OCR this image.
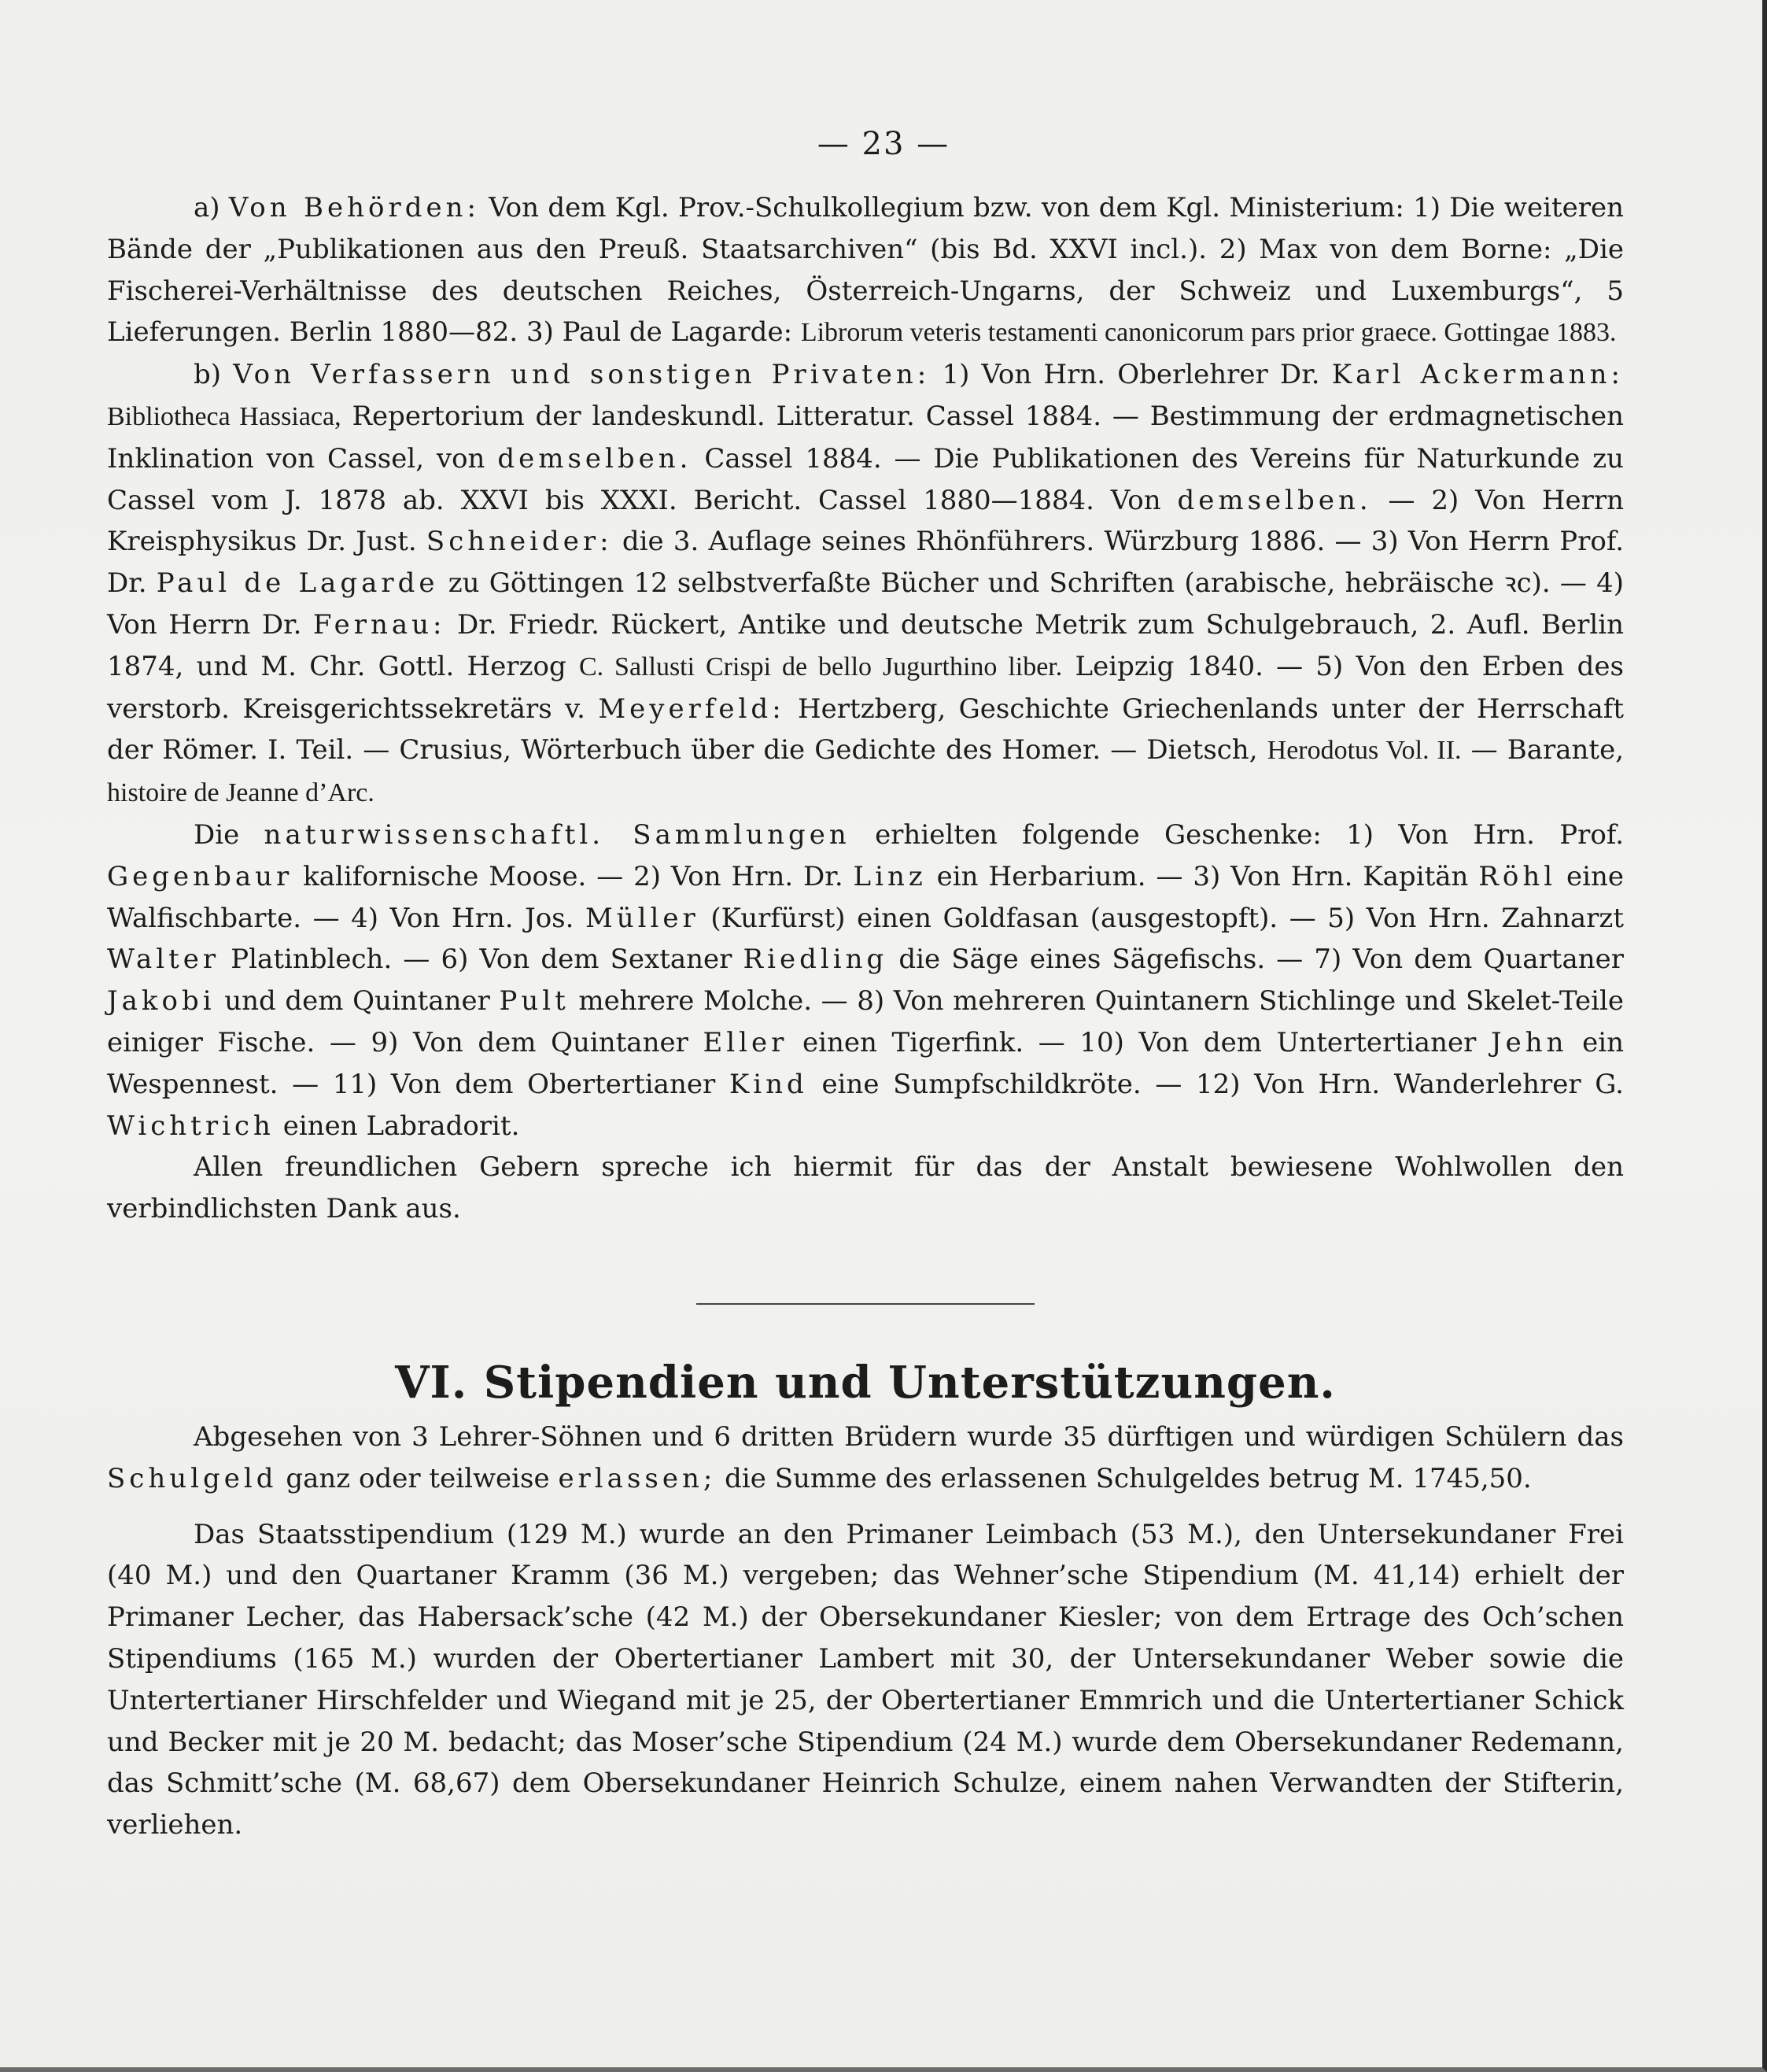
— 23 —

a) Von Behörden: Von dem Kgl. Prov.-Schulkollegium bzw. von dem Kgl. Ministerium: 1) Die weiteren Bände der „Publikationen aus den Preuß. Staatsarchiven“ (bis Bd. XXVI incl.). 2) Max von dem Borne: „Die Fischerei-Verhältnisse des deutschen Reiches, Österreich-Ungarns, der Schweiz und Luxemburgs“, 5 Lieferungen. Berlin 1880—82. 3) Paul de Lagarde: Librorum veteris testamenti canonicorum pars prior graece. Gottingae 1883.

b) Von Verfassern und sonstigen Privaten: 1) Von Hrn. Oberlehrer Dr. Karl Ackermann: Bibliotheca Hassiaca, Repertorium der landeskundl. Litteratur. Cassel 1884. — Bestimmung der erdmagnetischen Inklination von Cassel, von demselben. Cassel 1884. — Die Publikationen des Vereins für Naturkunde zu Cassel vom J. 1878 ab. XXVI bis XXXI. Bericht. Cassel 1880—1884. Von demselben. — 2) Von Herrn Kreisphysikus Dr. Just. Schneider: die 3. Auflage seines Rhönführers. Würzburg 1886. — 3) Von Herrn Prof. Dr. Paul de Lagarde zu Göttingen 12 selbstverfaßte Bücher und Schriften (arabische, hebräische ꝛc). — 4) Von Herrn Dr. Fernau: Dr. Friedr. Rückert, Antike und deutsche Metrik zum Schulgebrauch, 2. Aufl. Berlin 1874, und M. Chr. Gottl. Herzog C. Sallusti Crispi de bello Jugurthino liber. Leipzig 1840. — 5) Von den Erben des verstorb. Kreisgerichtssekretärs v. Meyerfeld: Hertzberg, Geschichte Griechenlands unter der Herrschaft der Römer. I. Teil. — Crusius, Wörterbuch über die Gedichte des Homer. — Dietsch, Herodotus Vol. II. — Barante, histoire de Jeanne d’Arc.

Die naturwissenschaftl. Sammlungen erhielten folgende Geschenke: 1) Von Hrn. Prof. Gegenbaur kalifornische Moose. — 2) Von Hrn. Dr. Linz ein Herbarium. — 3) Von Hrn. Kapitän Röhl eine Walfischbarte. — 4) Von Hrn. Jos. Müller (Kurfürst) einen Goldfasan (ausgestopft). — 5) Von Hrn. Zahnarzt Walter Platinblech. — 6) Von dem Sextaner Riedling die Säge eines Sägefischs. — 7) Von dem Quartaner Jakobi und dem Quintaner Pult mehrere Molche. — 8) Von mehreren Quintanern Stichlinge und Skelet-Teile einiger Fische. — 9) Von dem Quintaner Eller einen Tigerfink. — 10) Von dem Untertertianer Jehn ein Wespennest. — 11) Von dem Obertertianer Kind eine Sumpfschildkröte. — 12) Von Hrn. Wanderlehrer G. Wichtrich einen Labradorit.

Allen freundlichen Gebern spreche ich hiermit für das der Anstalt bewiesene Wohlwollen den verbindlichsten Dank aus.

VI. Stipendien und Unterstützungen.

Abgesehen von 3 Lehrer-Söhnen und 6 dritten Brüdern wurde 35 dürftigen und würdigen Schülern das Schulgeld ganz oder teilweise erlassen; die Summe des erlassenen Schulgeldes betrug M. 1745,50.

Das Staatsstipendium (129 M.) wurde an den Primaner Leimbach (53 M.), den Untersekundaner Frei (40 M.) und den Quartaner Kramm (36 M.) vergeben; das Wehner’sche Stipendium (M. 41,14) erhielt der Primaner Lecher, das Habersack’sche (42 M.) der Obersekundaner Kiesler; von dem Ertrage des Och’schen Stipendiums (165 M.) wurden der Obertertianer Lambert mit 30, der Untersekundaner Weber sowie die Untertertianer Hirschfelder und Wiegand mit je 25, der Obertertianer Emmrich und die Untertertianer Schick und Becker mit je 20 M. bedacht; das Moser’sche Stipendium (24 M.) wurde dem Obersekundaner Redemann, das Schmitt’sche (M. 68,67) dem Obersekundaner Heinrich Schulze, einem nahen Verwandten der Stifterin, verliehen.
